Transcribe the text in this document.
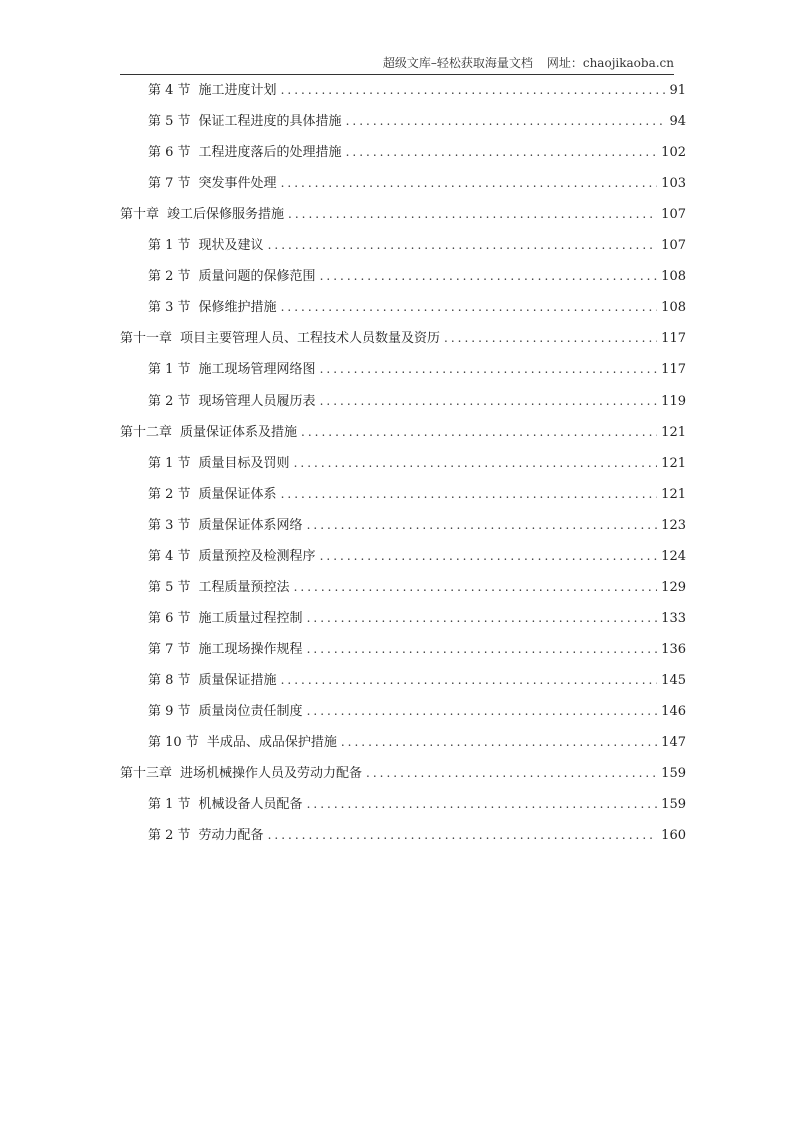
超级文库–轻松获取海量文档 网址：chaojikaoba.cn
第 4 节 施工进度计划 .....	91
第 5 节 保证工程进度的具体措施 .....	94
第 6 节 工程进度落后的处理措施 .....	102
第 7 节 突发事件处理 .....	103
第十章 竣工后保修服务措施 .....	107
第 1 节 现状及建议 .....	107
第 2 节 质量问题的保修范围 .....	108
第 3 节 保修维护措施 .....	108
第十一章 项目主要管理人员、工程技术人员数量及资历 .....	117
第 1 节 施工现场管理网络图 .....	117
第 2 节 现场管理人员履历表 .....	119
第十二章 质量保证体系及措施 .....	121
第 1 节 质量目标及罚则 .....	121
第 2 节 质量保证体系 .....	121
第 3 节 质量保证体系网络 .....	123
第 4 节 质量预控及检测程序 .....	124
第 5 节 工程质量预控法 .....	129
第 6 节 施工质量过程控制 .....	133
第 7 节 施工现场操作规程 .....	136
第 8 节 质量保证措施 .....	145
第 9 节 质量岗位责任制度 .....	146
第 10 节 半成品、成品保护措施 .....	147
第十三章 进场机械操作人员及劳动力配备 .....	159
第 1 节 机械设备人员配备 .....	159
第 2 节 劳动力配备 .....	160
